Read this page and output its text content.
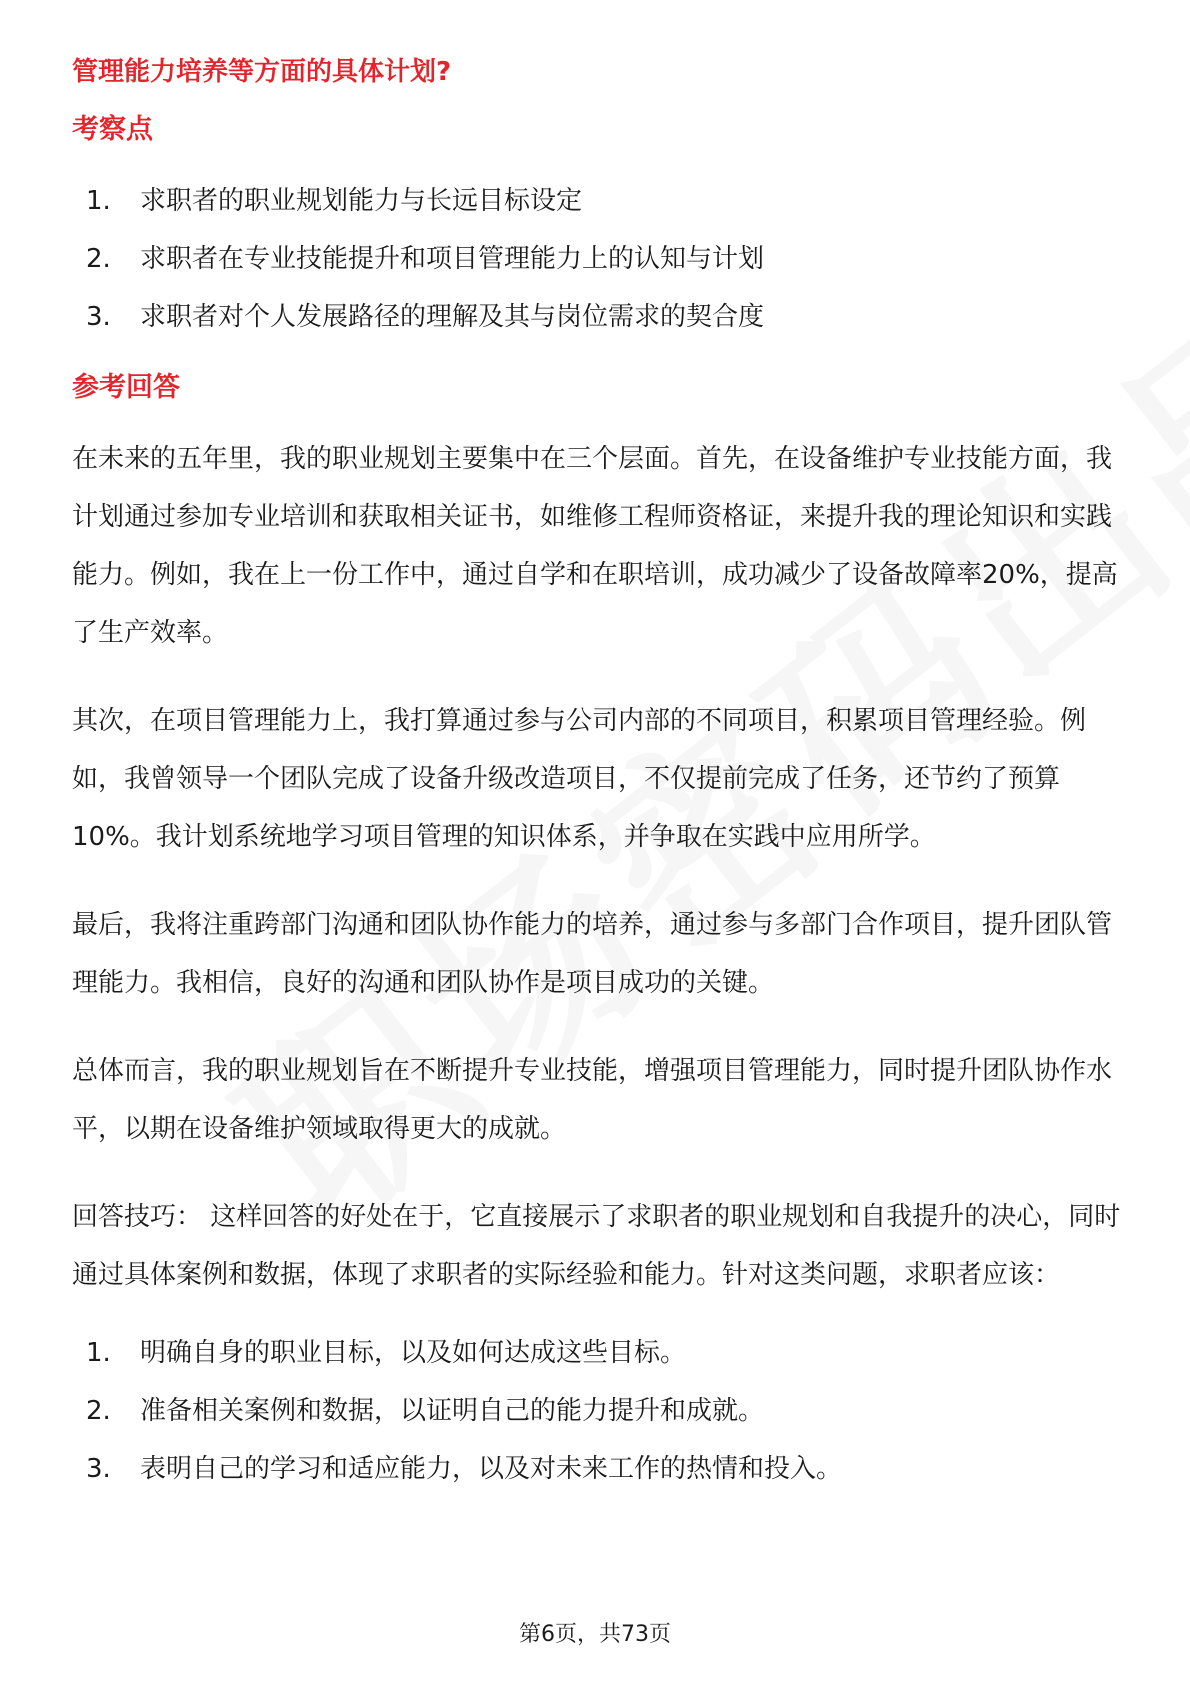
管理能力培养等方面的具体计划?
考察点
1.	求职者的职业规划能力与长远目标设定
2.	求职者在专业技能提升和项目管理能力上的认知与计划
3.	求职者对个人发展路径的理解及其与岗位需求的契合度
参考回答

在未来的五年里，我的职业规划主要集中在三个层面。首先，在设备维护专业技能方面，我计划通过参加专业培训和获取相关证书，如维修工程师资格证，来提升我的理论知识和实践能力。例如，我在上一份工作中，通过自学和在职培训，成功减少了设备故障率20%，提高了生产效率。

其次，在项目管理能力上，我打算通过参与公司内部的不同项目，积累项目管理经验。例如，我曾领导一个团队完成了设备升级改造项目，不仅提前完成了任务，还节约了预算10%。我计划系统地学习项目管理的知识体系，并争取在实践中应用所学。

最后，我将注重跨部门沟通和团队协作能力的培养，通过参与多部门合作项目，提升团队管理能力。我相信，良好的沟通和团队协作是项目成功的关键。

总体而言，我的职业规划旨在不断提升专业技能，增强项目管理能力，同时提升团队协作水平，以期在设备维护领域取得更大的成就。

回答技巧： 这样回答的好处在于，它直接展示了求职者的职业规划和自我提升的决心，同时通过具体案例和数据，体现了求职者的实际经验和能力。针对这类问题，求职者应该：

1.	明确自身的职业目标，以及如何达成这些目标。
2.	准备相关案例和数据，以证明自己的能力提升和成就。
3.	表明自己的学习和适应能力，以及对未来工作的热情和投入。
第6页，共73页
